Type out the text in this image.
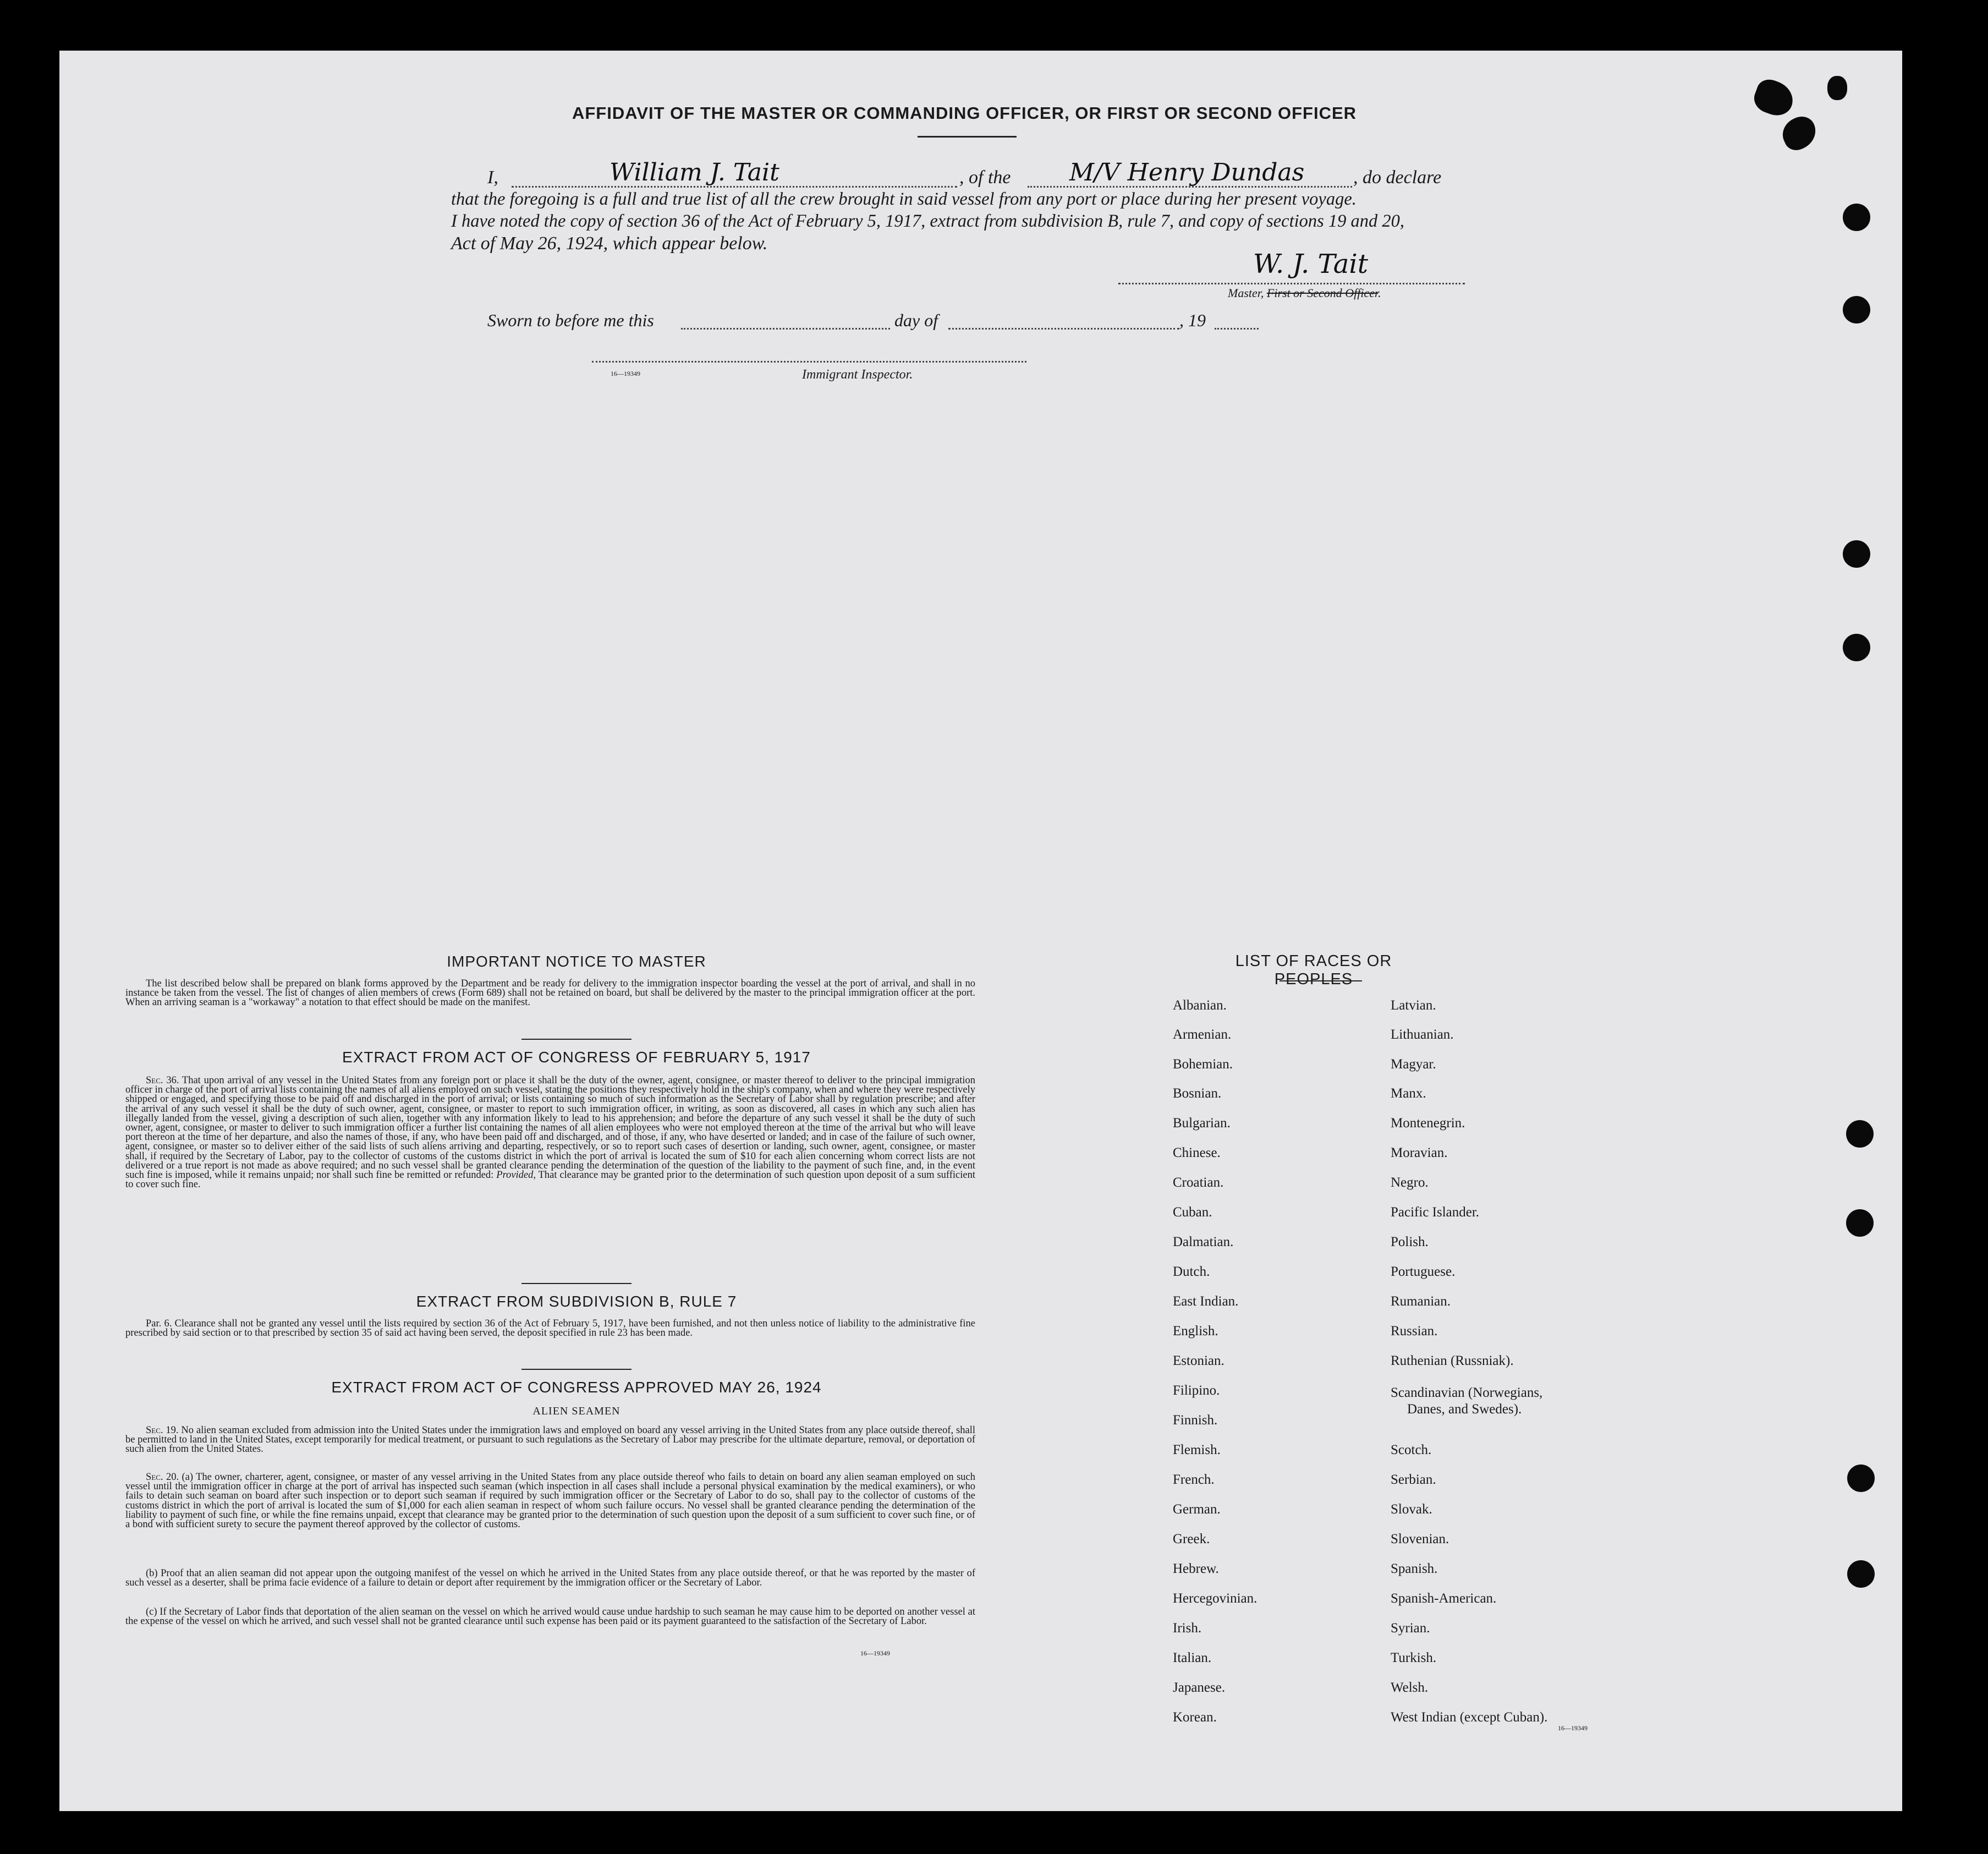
AFFIDAVIT OF THE MASTER OR COMMANDING OFFICER, OR FIRST OR SECOND OFFICER
I,	William J. Tait	, of the M/V Henry Dundas	, do declare
that the foregoing is a full and true list of all the crew brought in said vessel from any port or place during her present voyage.
I have noted the copy of section 36 of the Act of February 5, 1917, extract from subdivision B, rule 7, and copy of sections 19 and 20,
Act of May 26, 1924, which appear below.
W. J. Tait
Master, First or Second Officer.
Sworn to before me this	day of	, 19
16—19349	Immigrant Inspector.
IMPORTANT NOTICE TO MASTER

The list described below shall be prepared on blank forms approved by the Department and be ready for delivery to the immigration inspector boarding the vessel at the port of arrival, and shall in no instance be taken from the vessel. The list of changes of alien members of crews (Form 689) shall not be retained on board, but shall be delivered by the master to the principal immigration officer at the port. When an arriving seaman is a "workaway" a notation to that effect should be made on the manifest.

EXTRACT FROM ACT OF CONGRESS OF FEBRUARY 5, 1917

Sec. 36. That upon arrival of any vessel in the United States from any foreign port or place it shall be the duty of the owner, agent, consignee, or master thereof to deliver to the principal immigration officer in charge of the port of arrival lists containing the names of all aliens employed on such vessel, stating the positions they respectively hold in the ship's company, when and where they were respectively shipped or engaged, and specifying those to be paid off and discharged in the port of arrival; or lists containing so much of such information as the Secretary of Labor shall by regulation prescribe; and after the arrival of any such vessel it shall be the duty of such owner, agent, consignee, or master to report to such immigration officer, in writing, as soon as discovered, all cases in which any such alien has illegally landed from the vessel, giving a description of such alien, together with any information likely to lead to his apprehension; and before the departure of any such vessel it shall be the duty of such owner, agent, consignee, or master to deliver to such immigration officer a further list containing the names of all alien employees who were not employed thereon at the time of the arrival but who will leave port thereon at the time of her departure, and also the names of those, if any, who have been paid off and discharged, and of those, if any, who have deserted or landed; and in case of the failure of such owner, agent, consignee, or master so to deliver either of the said lists of such aliens arriving and departing, respectively, or so to report such cases of desertion or landing, such owner, agent, consignee, or master shall, if required by the Secretary of Labor, pay to the collector of customs of the customs district in which the port of arrival is located the sum of $10 for each alien concerning whom correct lists are not delivered or a true report is not made as above required; and no such vessel shall be granted clearance pending the determination of the question of the liability to the payment of such fine, and, in the event such fine is imposed, while it remains unpaid; nor shall such fine be remitted or refunded: Provided, That clearance may be granted prior to the determination of such question upon deposit of a sum sufficient to cover such fine.

EXTRACT FROM SUBDIVISION B, RULE 7

Par. 6. Clearance shall not be granted any vessel until the lists required by section 36 of the Act of February 5, 1917, have been furnished, and not then unless notice of liability to the administrative fine prescribed by said section or to that prescribed by section 35 of said act having been served, the deposit specified in rule 23 has been made.

EXTRACT FROM ACT OF CONGRESS APPROVED MAY 26, 1924
ALIEN SEAMEN

Sec. 19. No alien seaman excluded from admission into the United States under the immigration laws and employed on board any vessel arriving in the United States from any place outside thereof, shall be permitted to land in the United States, except temporarily for medical treatment, or pursuant to such regulations as the Secretary of Labor may prescribe for the ultimate departure, removal, or deportation of such alien from the United States.

Sec. 20. (a) The owner, charterer, agent, consignee, or master of any vessel arriving in the United States from any place outside thereof who fails to detain on board any alien seaman employed on such vessel until the immigration officer in charge at the port of arrival has inspected such seaman (which inspection in all cases shall include a personal physical examination by the medical examiners), or who fails to detain such seaman on board after such inspection or to deport such seaman if required by such immigration officer or the Secretary of Labor to do so, shall pay to the collector of customs of the customs district in which the port of arrival is located the sum of $1,000 for each alien seaman in respect of whom such failure occurs. No vessel shall be granted clearance pending the determination of the liability to payment of such fine, or while the fine remains unpaid, except that clearance may be granted prior to the determination of such question upon the deposit of a sum sufficient to cover such fine, or of a bond with sufficient surety to secure the payment thereof approved by the collector of customs.

(b) Proof that an alien seaman did not appear upon the outgoing manifest of the vessel on which he arrived in the United States from any place outside thereof, or that he was reported by the master of such vessel as a deserter, shall be prima facie evidence of a failure to detain or deport after requirement by the immigration officer or the Secretary of Labor.

(c) If the Secretary of Labor finds that deportation of the alien seaman on the vessel on which he arrived would cause undue hardship to such seaman he may cause him to be deported on another vessel at the expense of the vessel on which he arrived, and such vessel shall not be granted clearance until such expense has been paid or its payment guaranteed to the satisfaction of the Secretary of Labor.

16—19349
LIST OF RACES OR PEOPLES
Albanian.
Armenian.
Bohemian.
Bosnian.
Bulgarian.
Chinese.
Croatian.
Cuban.
Dalmatian.
Dutch.
East Indian.
English.
Estonian.
Filipino.
Finnish.
Flemish.
French.
German.
Greek.
Hebrew.
Hercegovinian.
Irish.
Italian.
Japanese.
Korean.
Latvian.
Lithuanian.
Magyar.
Manx.
Montenegrin.
Moravian.
Negro.
Pacific Islander.
Polish.
Portuguese.
Rumanian.
Russian.
Ruthenian (Russniak).
Scandinavian (Norwegians,
Danes, and Swedes).
Scotch.
Serbian.
Slovak.
Slovenian.
Spanish.
Spanish-American.
Syrian.
Turkish.
Welsh.
West Indian (except Cuban).
16—19349
